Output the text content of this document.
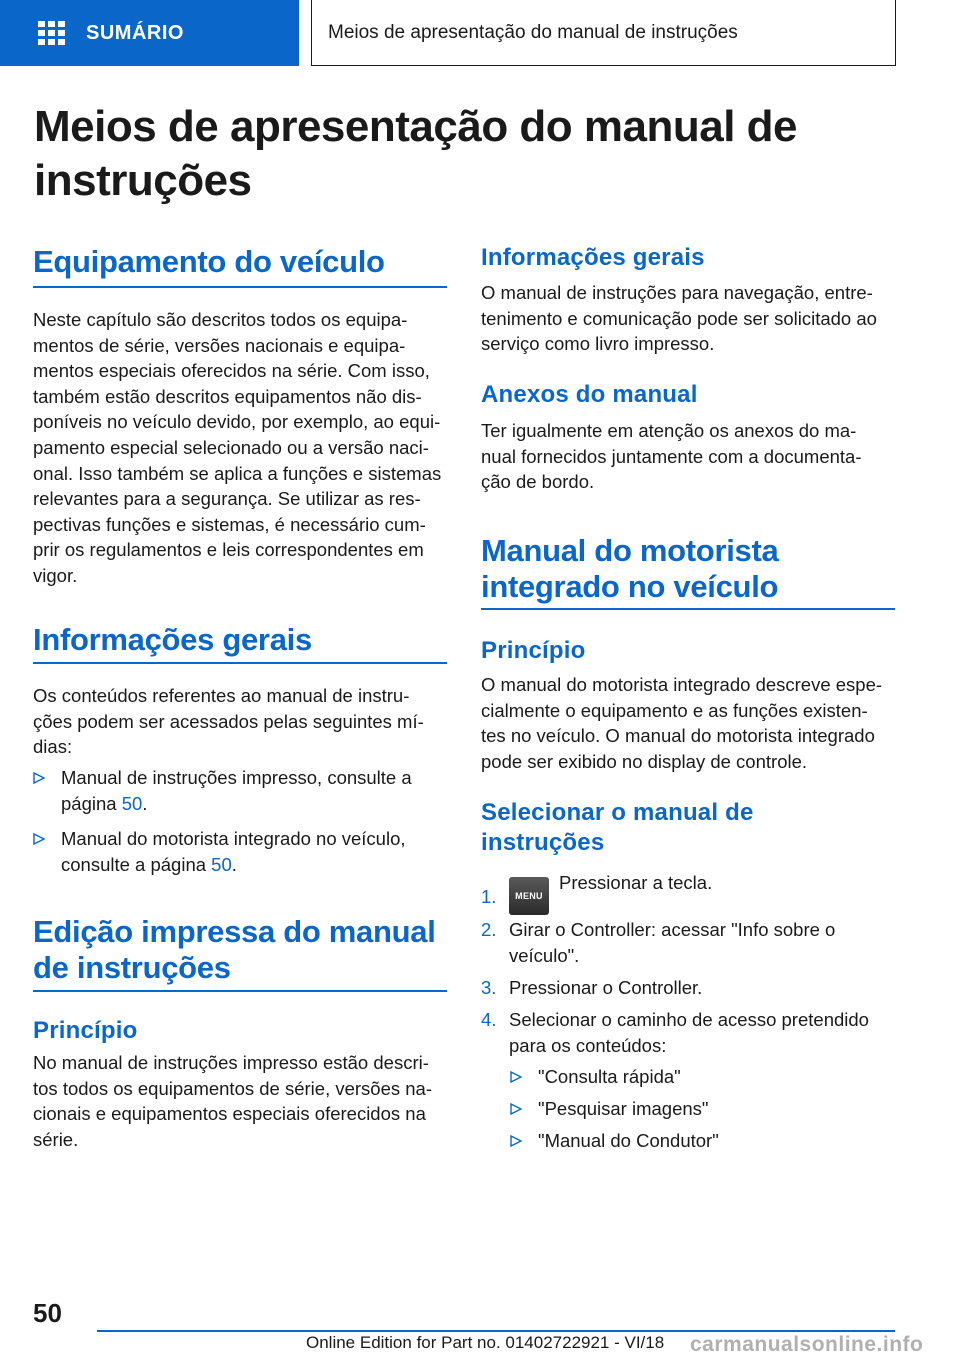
SUMÁRIO	Meios de apresentação do manual de instruções
Meios de apresentação do manual de instruções
Equipamento do veículo
Neste capítulo são descritos todos os equipa-
mentos de série, versões nacionais e equipa-
mentos especiais oferecidos na série. Com isso,
também estão descritos equipamentos não dis-
poníveis no veículo devido, por exemplo, ao equi-
pamento especial selecionado ou a versão naci-
onal. Isso também se aplica a funções e sistemas
relevantes para a segurança. Se utilizar as res-
pectivas funções e sistemas, é necessário cum-
prir os regulamentos e leis correspondentes em
vigor.
Informações gerais
Os conteúdos referentes ao manual de instru-
ções podem ser acessados pelas seguintes mí-
dias:
Manual de instruções impresso, consulte a
página 50.
Manual do motorista integrado no veículo,
consulte a página 50.
Edição impressa do manual
de instruções
Princípio
No manual de instruções impresso estão descri-
tos todos os equipamentos de série, versões na-
cionais e equipamentos especiais oferecidos na
série.
Informações gerais
O manual de instruções para navegação, entre-
tenimento e comunicação pode ser solicitado ao
serviço como livro impresso.
Anexos do manual
Ter igualmente em atenção os anexos do ma-
nual fornecidos juntamente com a documenta-
ção de bordo.
Manual do motorista
integrado no veículo
Princípio
O manual do motorista integrado descreve espe-
cialmente o equipamento e as funções existen-
tes no veículo. O manual do motorista integrado
pode ser exibido no display de controle.
Selecionar o manual de
instruções
1.	MENUPressionar a tecla.
2. Girar o Controller: acessar "Info sobre o
veículo".
3. Pressionar o Controller.
4. Selecionar o caminho de acesso pretendido
para os conteúdos:
"Consulta rápida"
"Pesquisar imagens"
"Manual do Condutor"
50
Online Edition for Part no. 01402722921 - VI/18 carmanualsonline.info
